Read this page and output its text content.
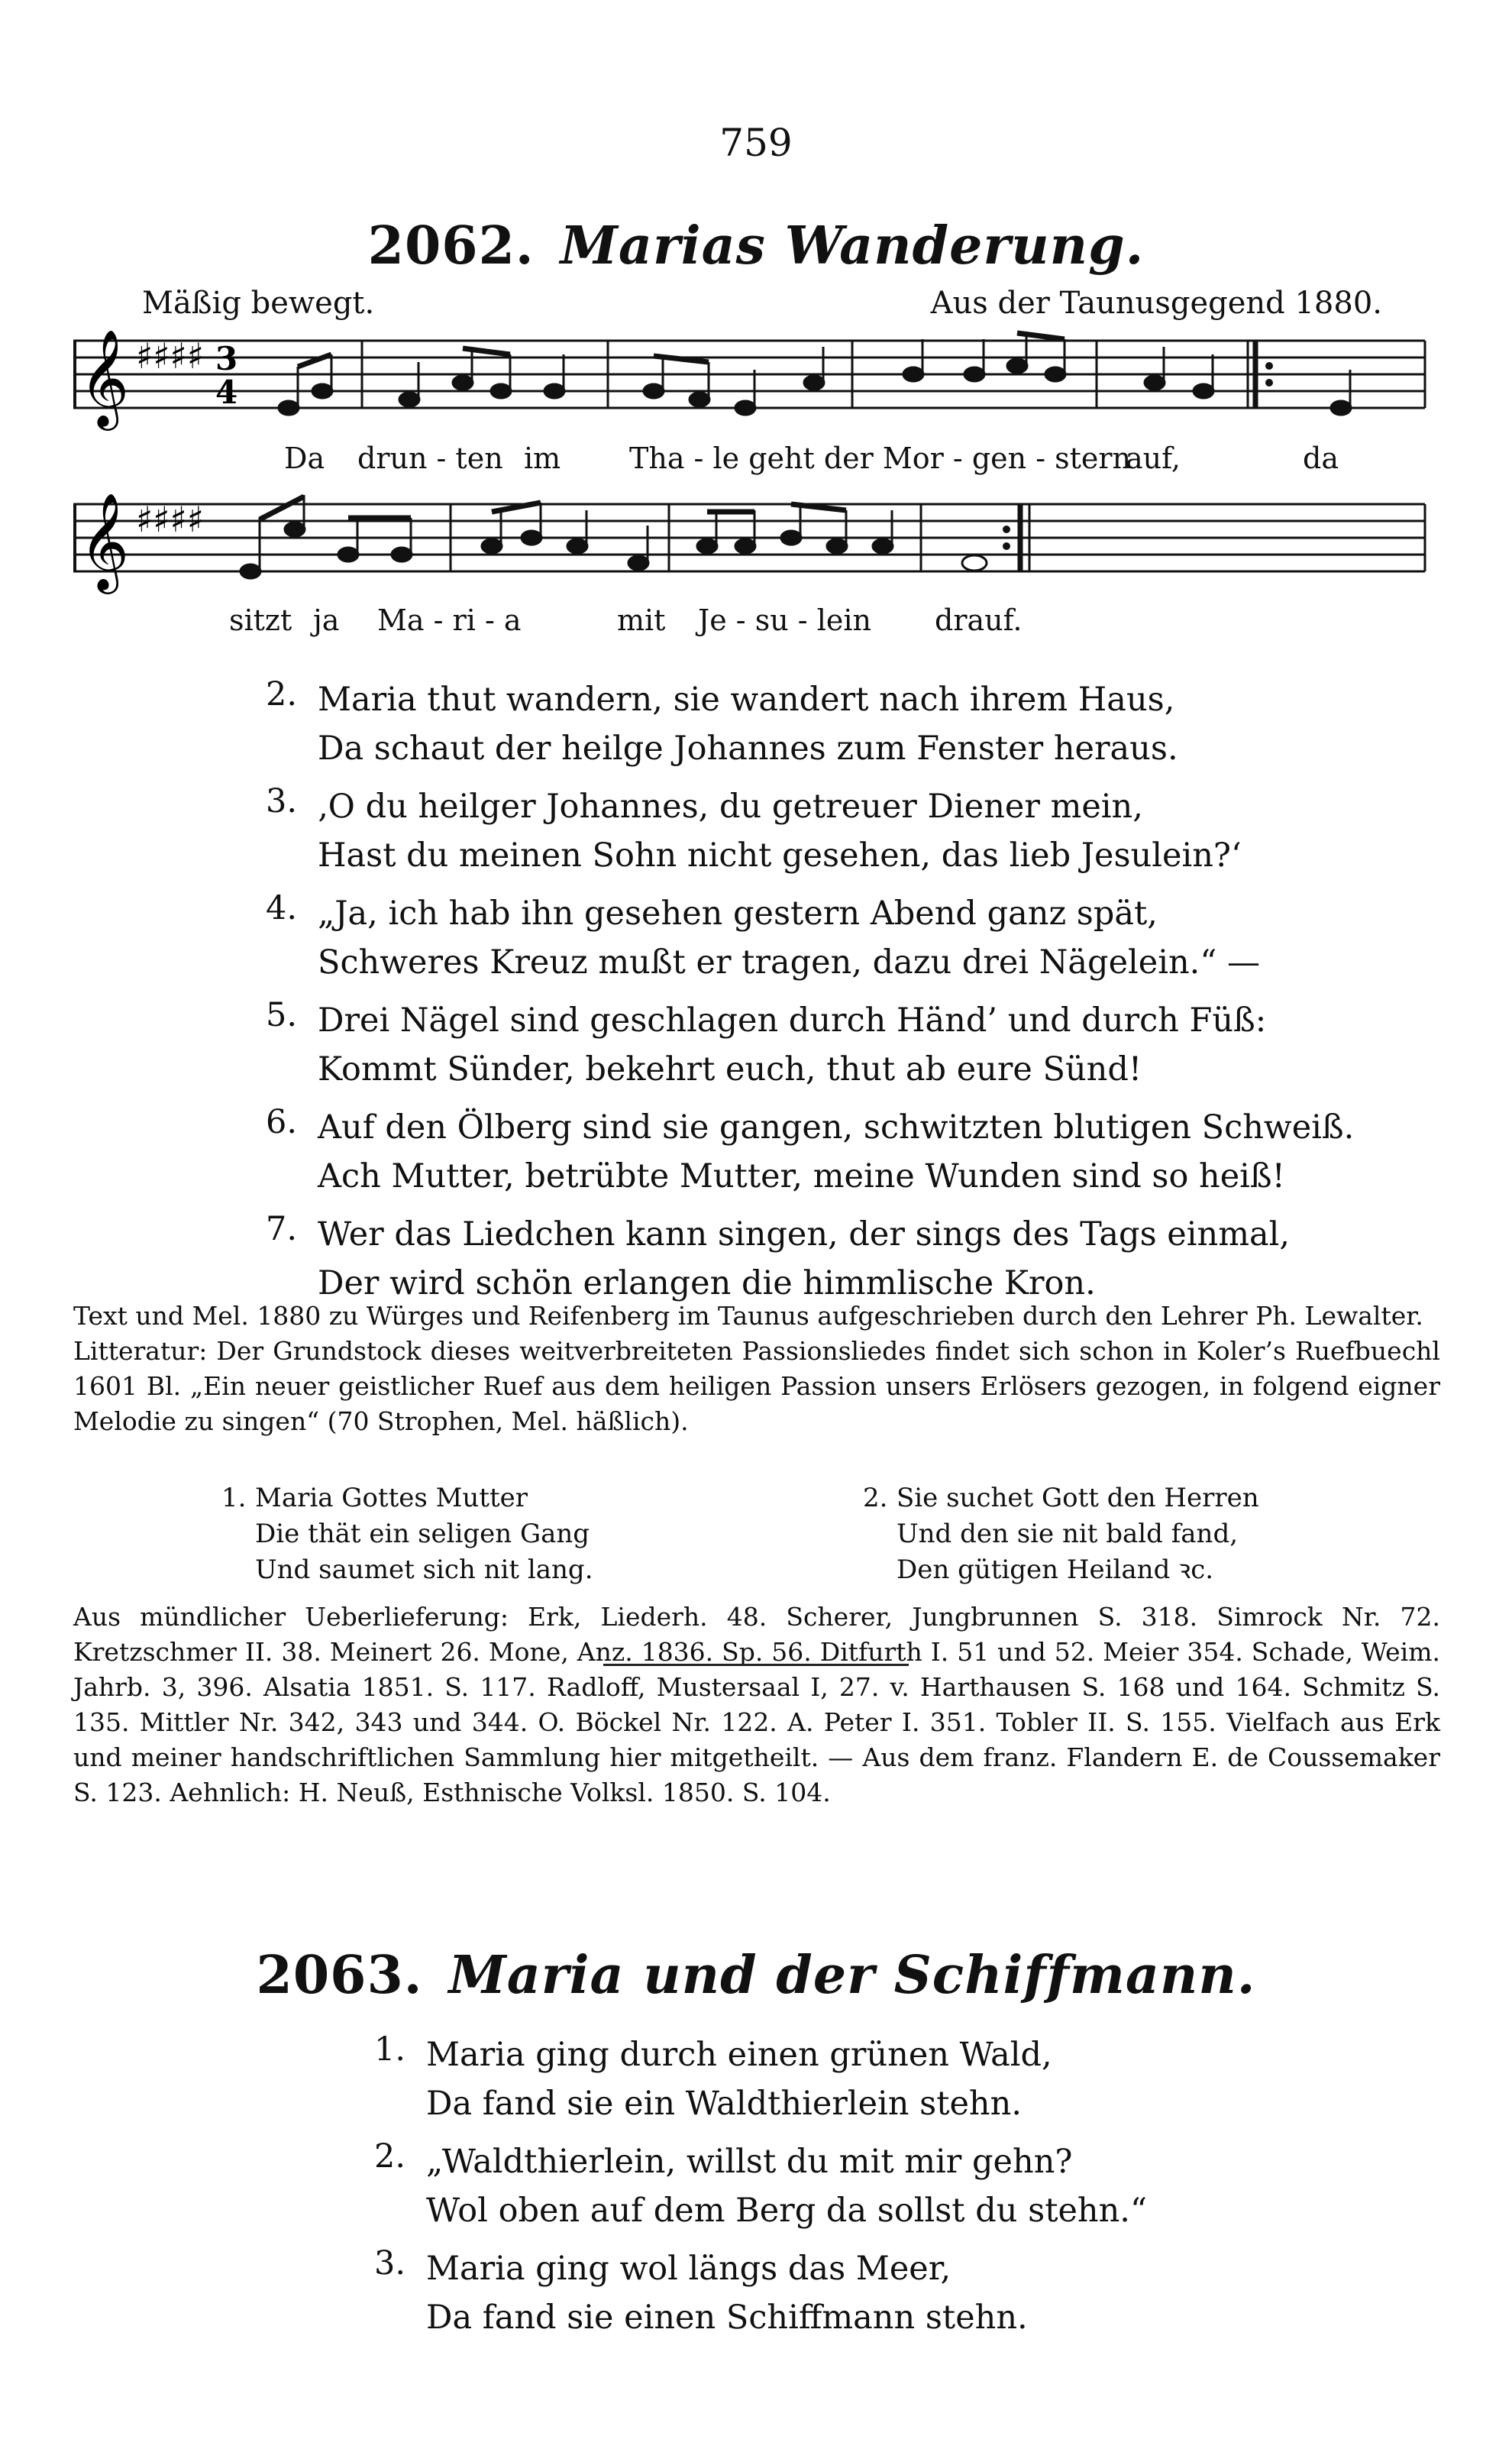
759
2062. Marias Wanderung.
Mäßig bewegt.	Aus der Taunusgegend 1880.
𝄞 ♯♯♯♯ 3
4
Da drun - ten im Tha - le geht der Mor - gen - stern
auf,	da
𝄞 ♯♯♯♯
sitzt ja Ma - ri - a	mit Je - su - lein drauf.
2. Maria thut wandern, sie wandert nach ihrem Haus,
Da schaut der heilge Johannes zum Fenster heraus.
3. ‚O du heilger Johannes, du getreuer Diener mein,
Hast du meinen Sohn nicht gesehen, das lieb Jesulein?‘
4. „Ja, ich hab ihn gesehen gestern Abend ganz spät,
Schweres Kreuz mußt er tragen, dazu drei Nägelein.“ —
5. Drei Nägel sind geschlagen durch Händ’ und durch Füß:
Kommt Sünder, bekehrt euch, thut ab eure Sünd!
6. Auf den Ölberg sind sie gangen, schwitzten blutigen Schweiß.
Ach Mutter, betrübte Mutter, meine Wunden sind so heiß!
7. Wer das Liedchen kann singen, der sings des Tags einmal,
Der wird schön erlangen die himmlische Kron.

Text und Mel. 1880 zu Würges und Reifenberg im Taunus aufgeschrieben durch den Lehrer Ph. Lewalter.

Litteratur: Der Grundstock dieses weitverbreiteten Passionsliedes findet sich schon in Koler’s Ruefbuechl 1601 Bl. „Ein neuer geistlicher Ruef aus dem heiligen Passion unsers Erlösers gezogen, in folgend eigner Melodie zu singen“ (70 Strophen, Mel. häßlich).

1. Maria Gottes Mutter
Die thät ein seligen Gang
Und saumet sich nit lang.
2. Sie suchet Gott den Herren
Und den sie nit bald fand,
Den gütigen Heiland ꝛc.

Aus mündlicher Ueberlieferung: Erk, Liederh. 48. Scherer, Jungbrunnen S. 318. Simrock Nr. 72. Kretzschmer II. 38. Meinert 26. Mone, Anz. 1836. Sp. 56. Ditfurth I. 51 und 52. Meier 354. Schade, Weim. Jahrb. 3, 396. Alsatia 1851. S. 117. Radloff, Mustersaal I, 27. v. Harthausen S. 168 und 164. Schmitz S. 135. Mittler Nr. 342, 343 und 344. O. Böckel Nr. 122. A. Peter I. 351. Tobler II. S. 155. Vielfach aus Erk und meiner handschriftlichen Sammlung hier mitgetheilt. — Aus dem franz. Flandern E. de Coussemaker S. 123. Aehnlich: H. Neuß, Esthnische Volksl. 1850. S. 104.

2063. Maria und der Schiffmann.
1. Maria ging durch einen grünen Wald,
Da fand sie ein Waldthierlein stehn.
2. „Waldthierlein, willst du mit mir gehn?
Wol oben auf dem Berg da sollst du stehn.“
3. Maria ging wol längs das Meer,
Da fand sie einen Schiffmann stehn.
